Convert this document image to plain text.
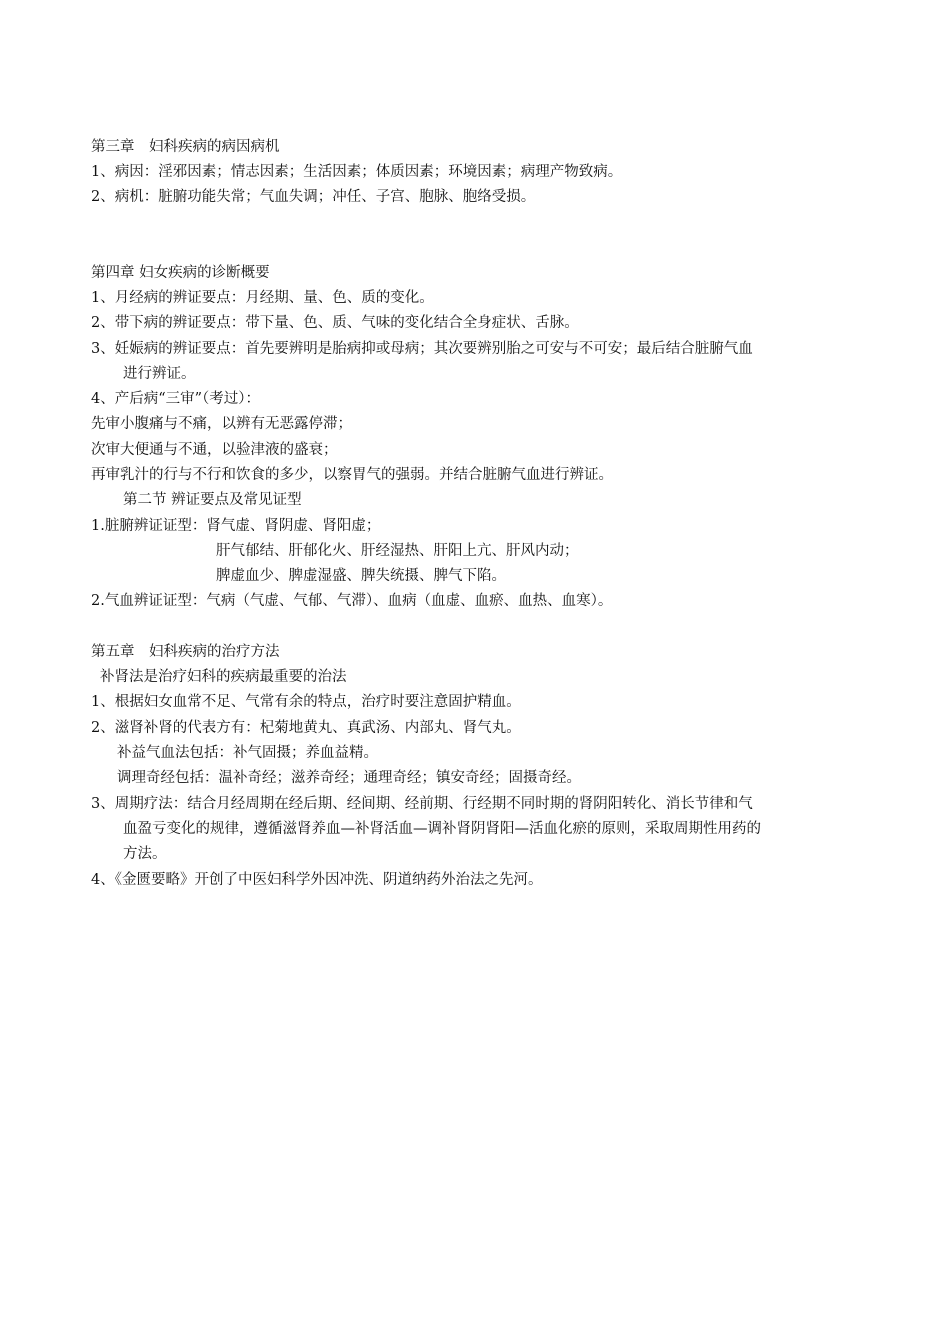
第三章　妇科疾病的病因病机
1、病因：淫邪因素；情志因素；生活因素；体质因素；环境因素；病理产物致病。
2、病机：脏腑功能失常；气血失调；冲任、子宫、胞脉、胞络受损。
第四章 妇女疾病的诊断概要
1、月经病的辨证要点：月经期、量、色、质的变化。
2、带下病的辨证要点：带下量、色、质、气味的变化结合全身症状、舌脉。
3、妊娠病的辨证要点：首先要辨明是胎病抑或母病；其次要辨别胎之可安与不可安；最后结合脏腑气血
进行辨证。
4、产后病“三审”（考过）：
先审小腹痛与不痛，以辨有无恶露停滞；
次审大便通与不通，以验津液的盛衰；
再审乳汁的行与不行和饮食的多少，以察胃气的强弱。并结合脏腑气血进行辨证。
第二节 辨证要点及常见证型
1.脏腑辨证证型：肾气虚、肾阴虚、肾阳虚；
肝气郁结、肝郁化火、肝经湿热、肝阳上亢、肝风内动；
脾虚血少、脾虚湿盛、脾失统摄、脾气下陷。
2.气血辨证证型：气病（气虚、气郁、气滞）、血病（血虚、血瘀、血热、血寒）。
第五章　妇科疾病的治疗方法
补肾法是治疗妇科的疾病最重要的治法
1、根据妇女血常不足、气常有余的特点，治疗时要注意固护精血。
2、滋肾补肾的代表方有：杞菊地黄丸、真武汤、内部丸、肾气丸。
补益气血法包括：补气固摄；养血益精。
调理奇经包括：温补奇经；滋养奇经；通理奇经；镇安奇经；固摄奇经。
3、周期疗法：结合月经周期在经后期、经间期、经前期、行经期不同时期的肾阴阳转化、消长节律和气
血盈亏变化的规律，遵循滋肾养血—补肾活血—调补肾阴肾阳—活血化瘀的原则，采取周期性用药的
方法。
4、《金匮要略》开创了中医妇科学外因冲洗、阴道纳药外治法之先河。
